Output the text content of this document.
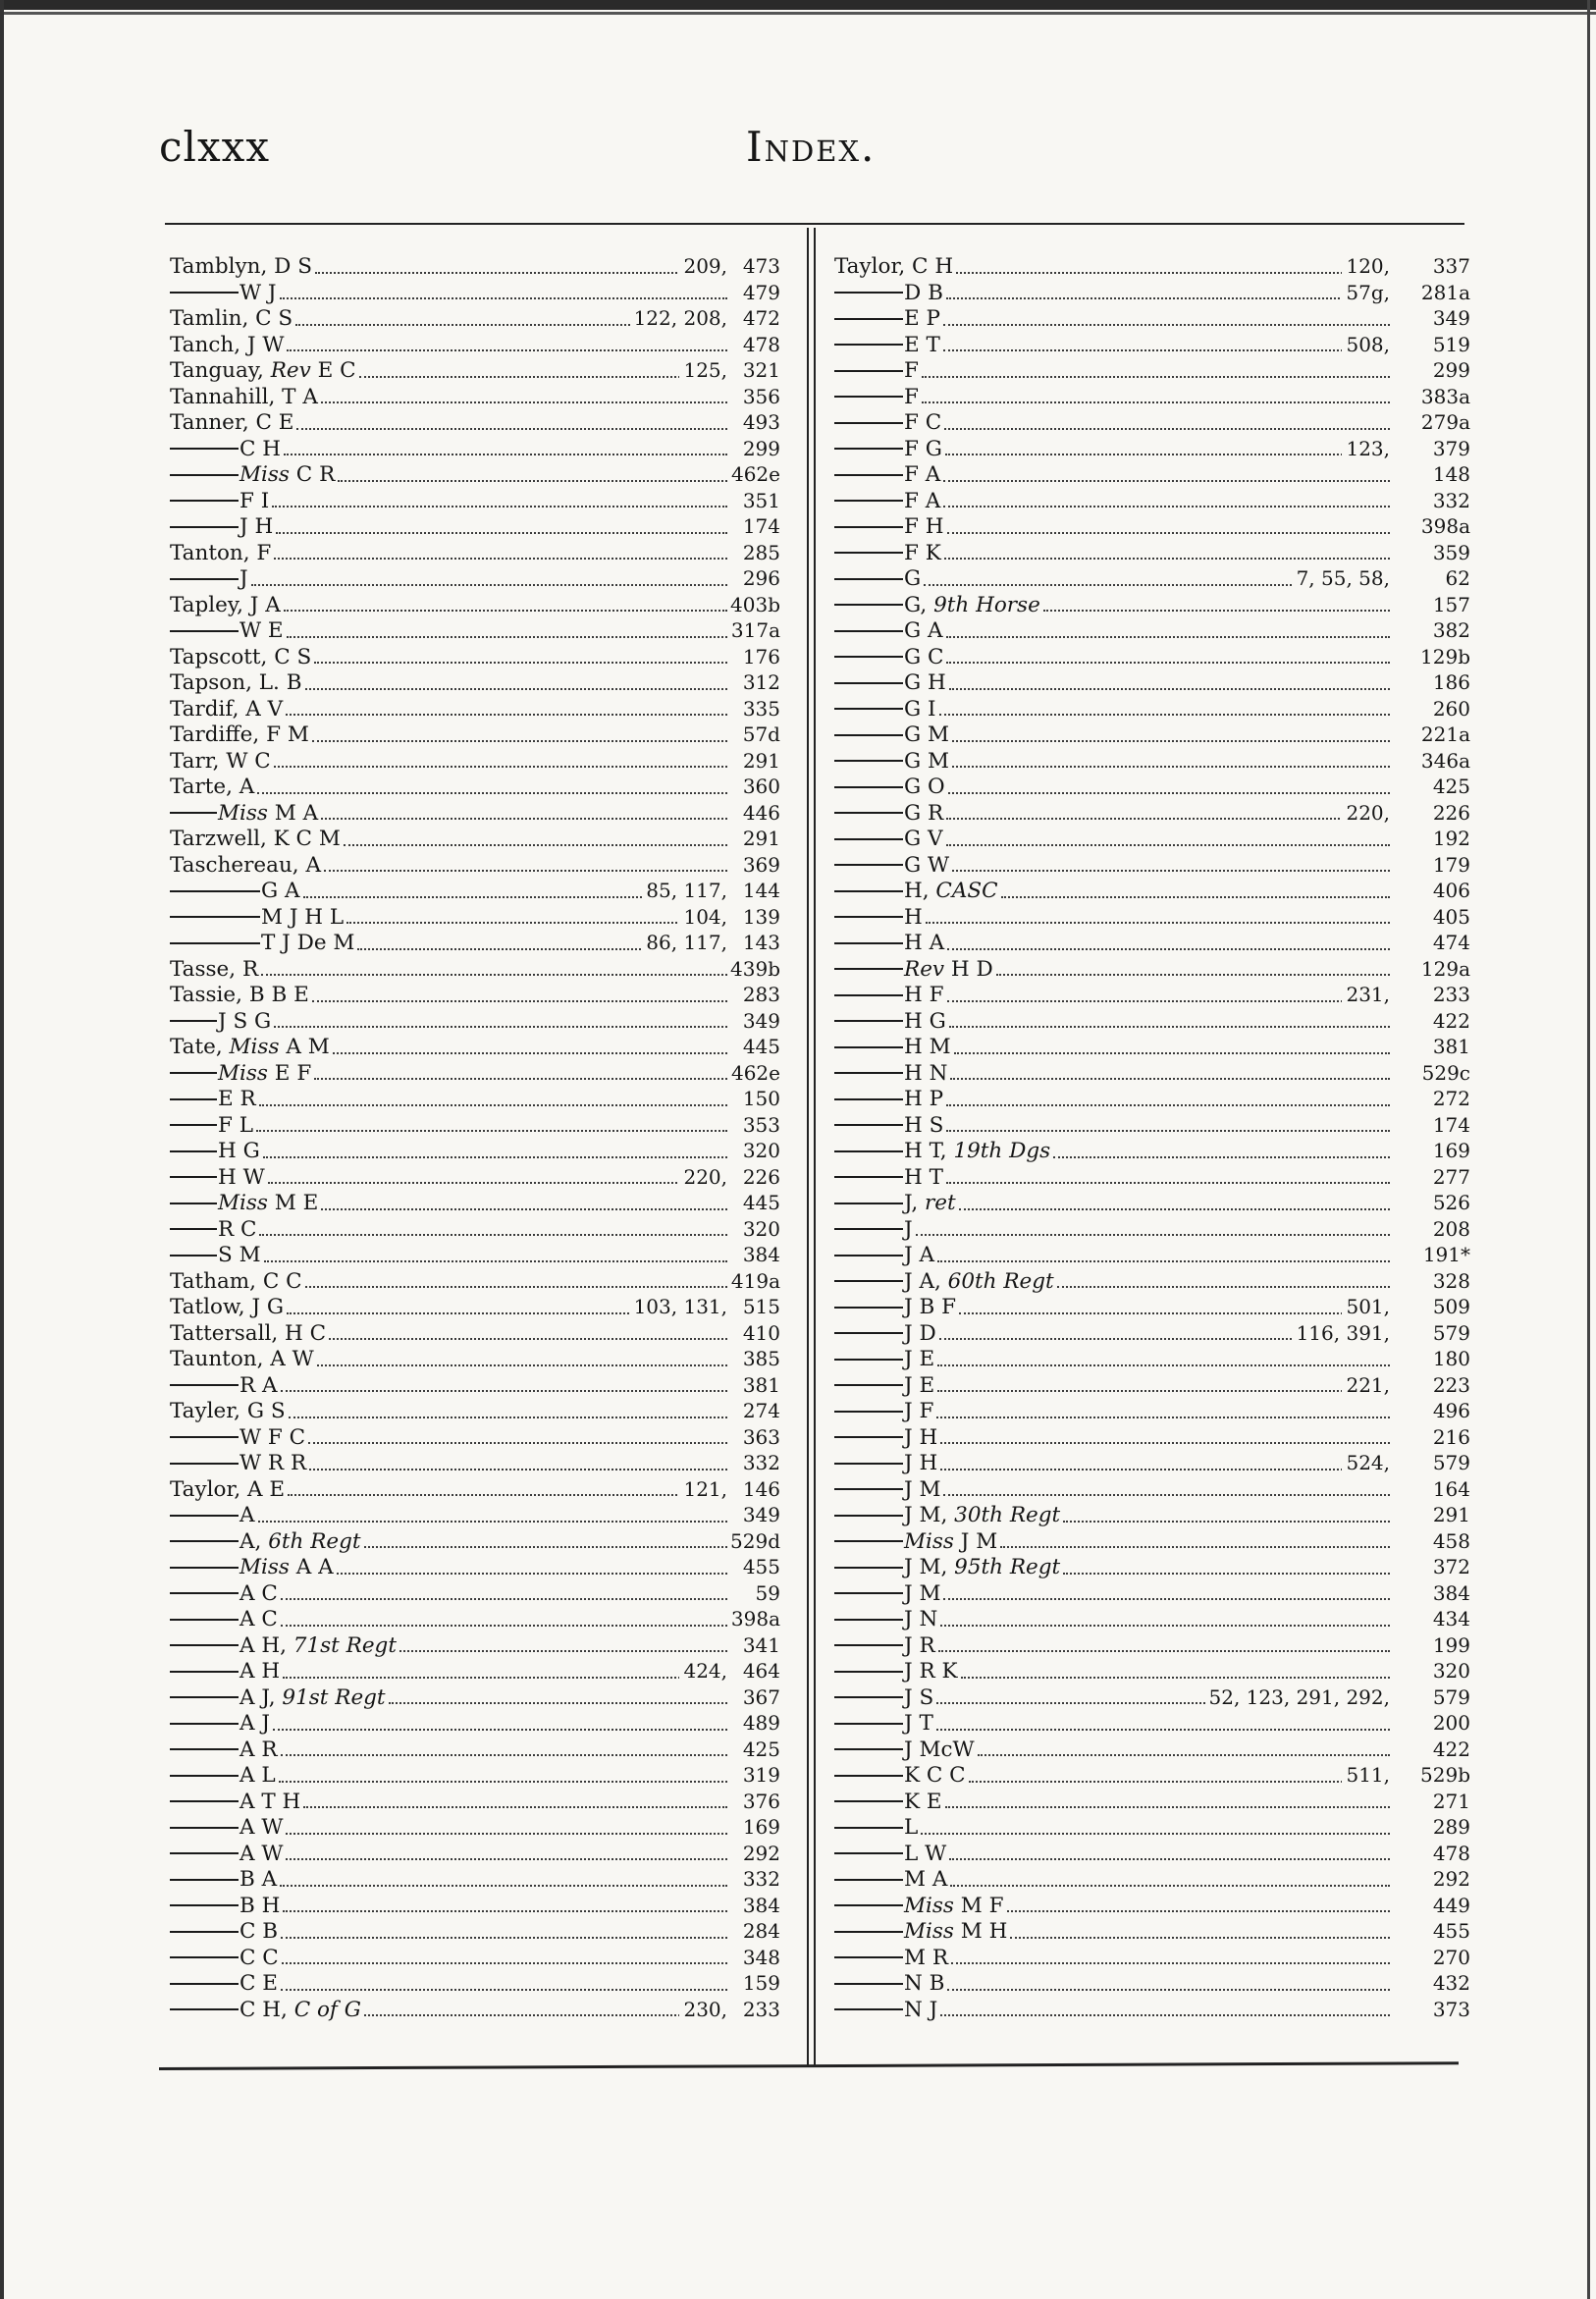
clxxx	Index.
Tamblyn, D S	209, 473
W J	479
Tamlin, C S	122, 208, 472
Tanch, J W	478
Tanguay, Rev E C	125, 321
Tannahill, T A	356
Tanner, C E	493
C H	299
Miss C R	462e
F I	351
J H	174
Tanton, F	285
J	296
Tapley, J A	403b
W E	317a
Tapscott, C S	176
Tapson, L. B	312
Tardif, A V	335
Tardiffe, F M	57d
Tarr, W C	291
Tarte, A	360
Miss M A	446
Tarzwell, K C M	291
Taschereau, A	369
G A	85, 117, 144
M J H L	104, 139
T J De M	86, 117, 143
Tasse, R	439b
Tassie, B B E	283
J S G	349
Tate, Miss A M	445
Miss E F	462e
E R	150
F L	353
H G	320
H W	220, 226
Miss M E	445
R C	320
S M	384
Tatham, C C	419a
Tatlow, J G	103, 131, 515
Tattersall, H C	410
Taunton, A W	385
R A	381
Tayler, G S	274
W F C	363
W R R	332
Taylor, A E	121, 146
A	349
A, 6th Regt	529d
Miss A A	455
A C	59
A C	398a
A H, 71st Regt	341
A H	424, 464
A J, 91st Regt	367
A J	489
A R	425
A L	319
A T H	376
A W	169
A W	292
B A	332
B H	384
C B	284
C C	348
C E	159
C H, C of G	230, 233
Taylor, C H	120,	337
D B	57g,	281a
E P	349
E T	508,	519
F	299
F	383a
F C	279a
F G	123,	379
F A	148
F A	332
F H	398a
F K	359
G	7, 55, 58,	62
G, 9th Horse	157
G A	382
G C	129b
G H	186
G I	260
G M	221a
G M	346a
G O	425
G R	220,	226
G V	192
G W	179
H, CASC	406
H	405
H A	474
Rev H D	129a
H F	231,	233
H G	422
H M	381
H N	529c
H P	272
H S	174
H T, 19th Dgs	169
H T	277
J, ret	526
J	208
J A	191*
J A, 60th Regt	328
J B F	501,	509
J D	116, 391,	579
J E	180
J E	221,	223
J F	496
J H	216
J H	524,	579
J M	164
J M, 30th Regt	291
Miss J M	458
J M, 95th Regt	372
J M	384
J N	434
J R	199
J R K	320
J S	52, 123, 291, 292,	579
J T	200
J McW	422
K C C	511,	529b
K E	271
L	289
L W	478
M A	292
Miss M F	449
Miss M H	455
M R	270
N B	432
N J	373
